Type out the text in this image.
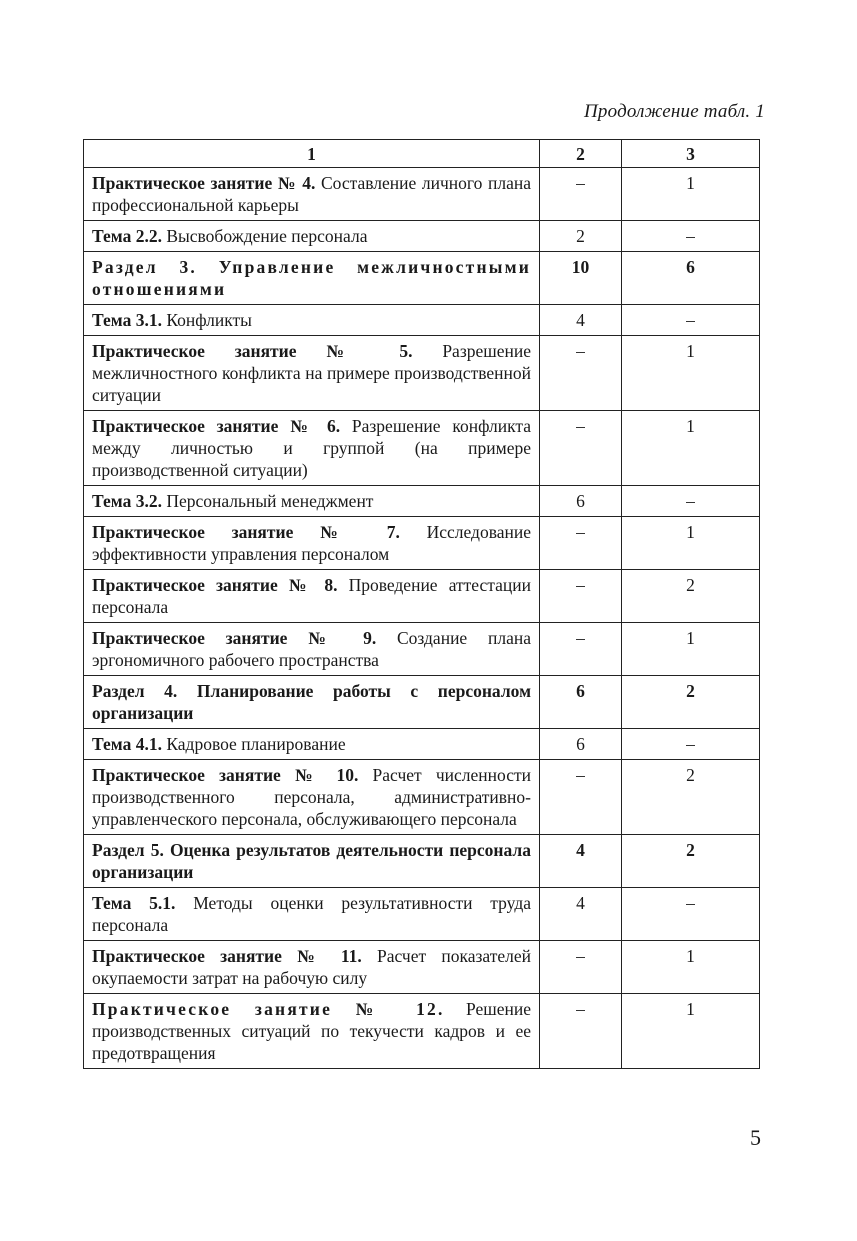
Продолжение табл. 1
1	2	3
Практическое занятие № 4. Составление личного плана профессиональной карьеры	–	1
Тема 2.2. Высвобождение персонала	2	–
Раздел 3. Управление межличностными отношениями	10	6
Тема 3.1. Конфликты	4	–
Практическое занятие № 5. Разрешение межличностного конфликта на примере производственной ситуации	–	1
Практическое занятие № 6. Разрешение конфликта между личностью и группой (на примере производственной ситуации)	–	1
Тема 3.2. Персональный менеджмент	6	–
Практическое занятие № 7. Исследование эффективности управления персоналом	–	1
Практическое занятие № 8. Проведение аттестации персонала	–	2
Практическое занятие № 9. Создание плана эргономичного рабочего пространства	–	1
Раздел 4. Планирование работы с персоналом организации	6	2
Тема 4.1. Кадровое планирование	6	–
Практическое занятие № 10. Расчет численности производственного персонала, административно-управленческого персонала, обслуживающего персонала	–	2
Раздел 5. Оценка результатов деятельности персонала организации	4	2
Тема 5.1. Методы оценки результативности труда персонала	4	–
Практическое занятие № 11. Расчет показателей окупаемости затрат на рабочую силу	–	1
Практическое занятие № 12. Решение производственных ситуаций по текучести кадров и ее предотвращения	–	1
5
